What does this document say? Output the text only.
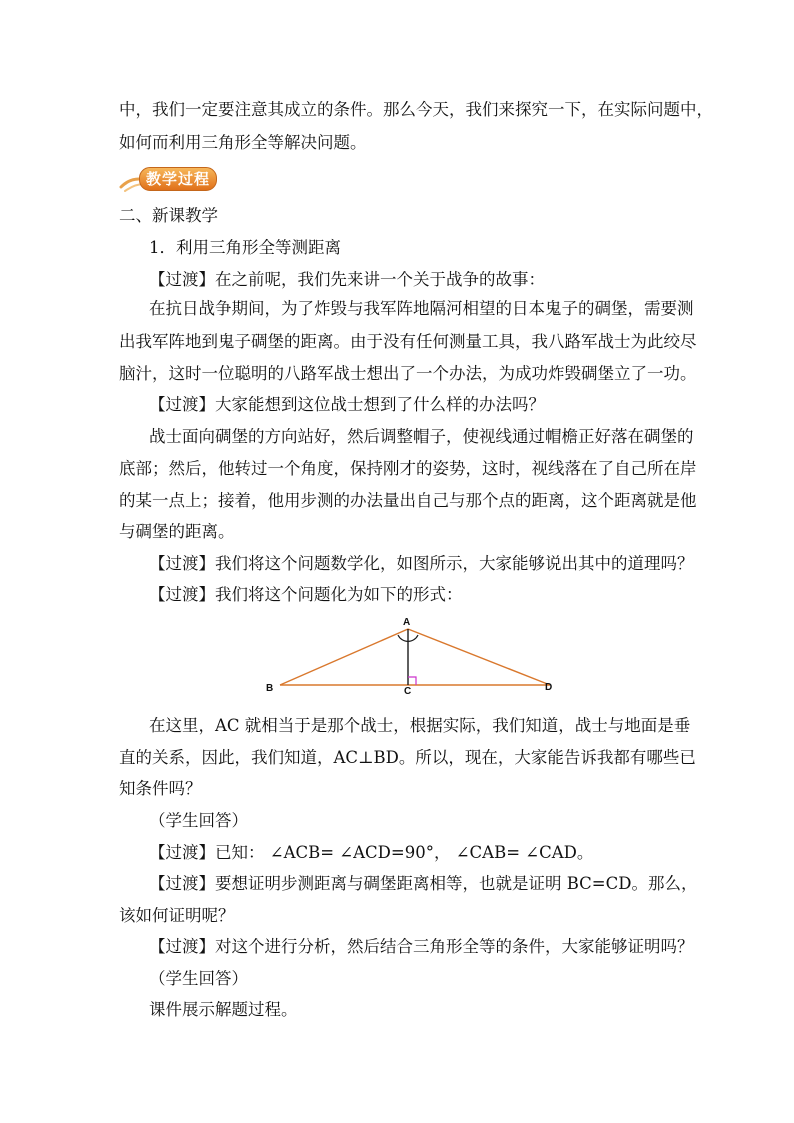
中，我们一定要注意其成立的条件。那么今天，我们来探究一下，在实际问题中，
如何而利用三角形全等解决问题。
教学过程
二、新课教学
1．利用三角形全等测距离
【过渡】在之前呢，我们先来讲一个关于战争的故事：
在抗日战争期间，为了炸毁与我军阵地隔河相望的日本鬼子的碉堡，需要测
出我军阵地到鬼子碉堡的距离。由于没有任何测量工具，我八路军战士为此绞尽
脑汁，这时一位聪明的八路军战士想出了一个办法，为成功炸毁碉堡立了一功。
【过渡】大家能想到这位战士想到了什么样的办法吗？
战士面向碉堡的方向站好，然后调整帽子，使视线通过帽檐正好落在碉堡的
底部；然后，他转过一个角度，保持刚才的姿势，这时，视线落在了自己所在岸
的某一点上；接着，他用步测的办法量出自己与那个点的距离，这个距离就是他
与碉堡的距离。
【过渡】我们将这个问题数学化，如图所示，大家能够说出其中的道理吗？
【过渡】我们将这个问题化为如下的形式：
A
B	C	D
在这里，AC 就相当于是那个战士，根据实际，我们知道，战士与地面是垂
直的关系，因此，我们知道，AC⊥BD。所以，现在，大家能告诉我都有哪些已
知条件吗？
（学生回答）
【过渡】已知： ∠ACB= ∠ACD=90°， ∠CAB= ∠CAD。
【过渡】要想证明步测距离与碉堡距离相等，也就是证明 BC=CD。那么，
该如何证明呢？
【过渡】对这个进行分析，然后结合三角形全等的条件，大家能够证明吗？
（学生回答）
课件展示解题过程。
